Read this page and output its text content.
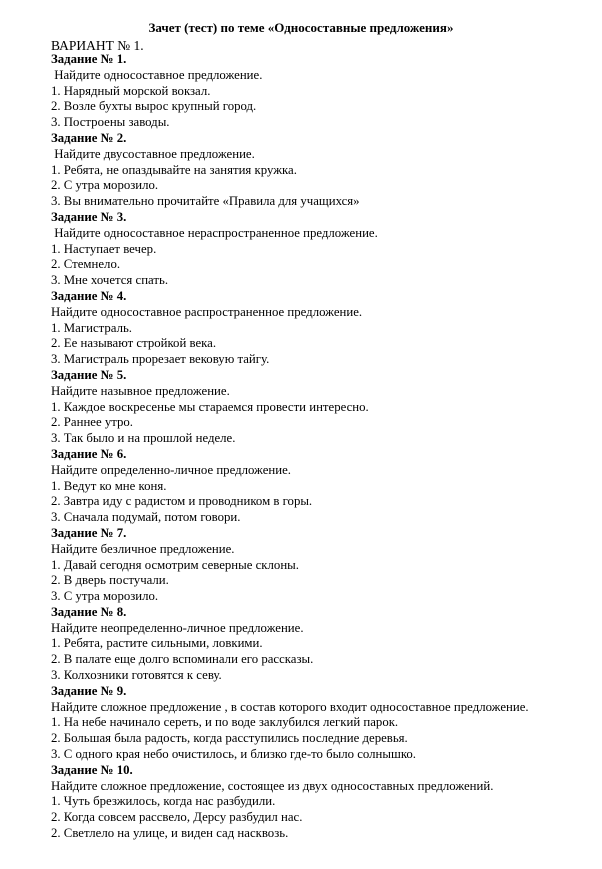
Зачет (тест) по теме «Односоставные предложения»
ВАРИАНТ № 1.

Задание № 1.

Найдите односоставное предложение.

1. Нарядный морской вокзал.

2. Возле бухты вырос крупный город.

3. Построены заводы.

Задание № 2.

Найдите двусоставное предложение.

1. Ребята, не опаздывайте на занятия кружка.

2. С утра морозило.

3. Вы внимательно прочитайте «Правила для учащихся»

Задание № 3.

Найдите односоставное нераспространенное предложение.

1. Наступает вечер.

2. Стемнело.

3. Мне хочется спать.

Задание № 4.

Найдите односоставное распространенное предложение.

1. Магистраль.

2. Ее называют стройкой века.

3. Магистраль прорезает вековую тайгу.

Задание № 5.

Найдите назывное предложение.

1. Каждое воскресенье мы стараемся провести интересно.

2. Раннее утро.

3. Так было и на прошлой неделе.

Задание № 6.

Найдите определенно-личное предложение.

1. Ведут ко мне коня.

2. Завтра иду с радистом и проводником в горы.

3. Сначала подумай, потом говори.

Задание № 7.

Найдите безличное предложение.

1. Давай сегодня осмотрим северные склоны.

2. В дверь постучали.

3. С утра морозило.

Задание № 8.

Найдите неопределенно-личное предложение.

1. Ребята, растите сильными, ловкими.

2. В палате еще долго вспоминали его рассказы.

3. Колхозники готовятся к севу.

Задание № 9.

Найдите сложное предложение , в состав которого входит односоставное предложение.

1. На небе начинало сереть, и по воде заклубился легкий парок.

2. Большая была радость, когда расступились последние деревья.

3. С одного края небо очистилось, и близко где-то было солнышко.

Задание № 10.

Найдите сложное предложение, состоящее из двух односоставных предложений.

1. Чуть брезжилось, когда нас разбудили.

2. Когда совсем рассвело, Дерсу разбудил нас.

2. Светлело на улице, и виден сад насквозь.
